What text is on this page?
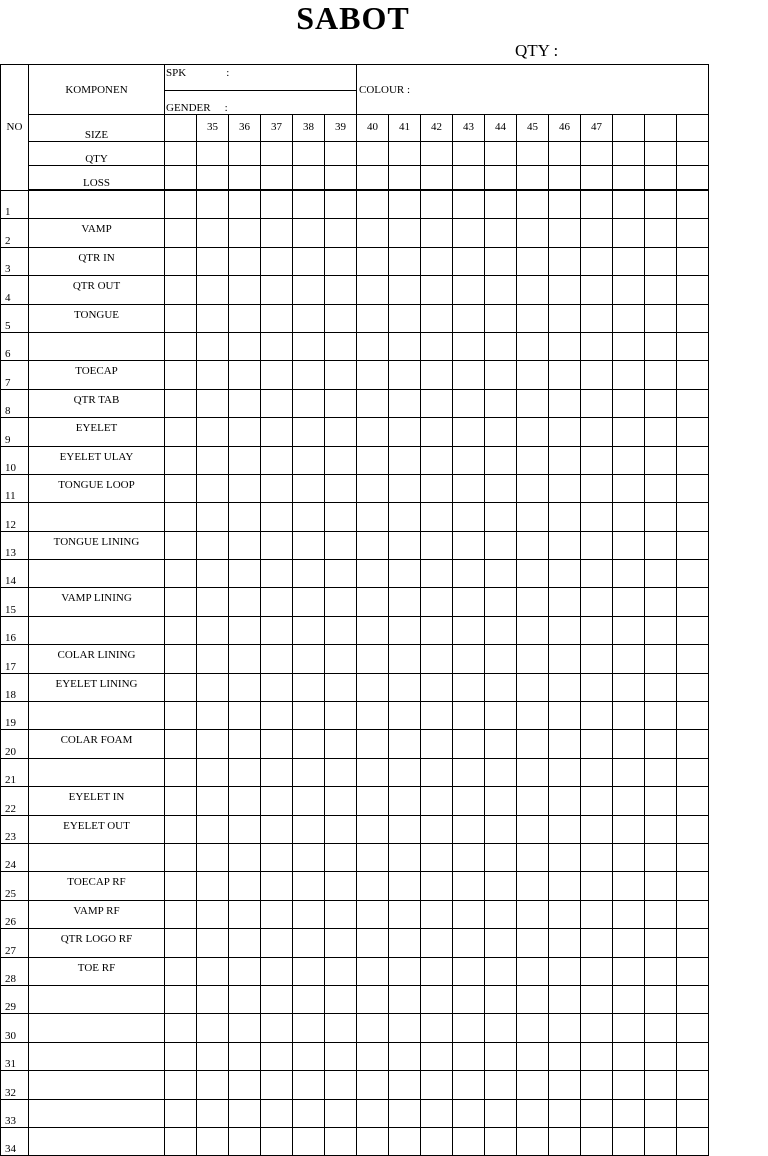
SABOT
QTY :
NO	KOMPONEN	SPK :						COLOUR :										
		GENDER :																
	SIZE		35	36	37	38	39	40	41	42	43	44	45	46	47			
	QTY																	
	LOSS																	
1																		
2	VAMP																	
3	QTR IN																	
4	QTR OUT																	
5	TONGUE																	
6																		
7	TOECAP																	
8	QTR TAB																	
9	EYELET																	
10	EYELET ULAY																	
11	TONGUE LOOP																	
12																		
13	TONGUE LINING																	
14																		
15	VAMP LINING																	
16																		
17	COLAR LINING																	
18	EYELET LINING																	
19																		
20	COLAR FOAM																	
21																		
22	EYELET IN																	
23	EYELET OUT																	
24																		
25	TOECAP RF																	
26	VAMP RF																	
27	QTR LOGO RF																	
28	TOE RF																	
29																		
30																		
31																		
32																		
33																		
34																		
